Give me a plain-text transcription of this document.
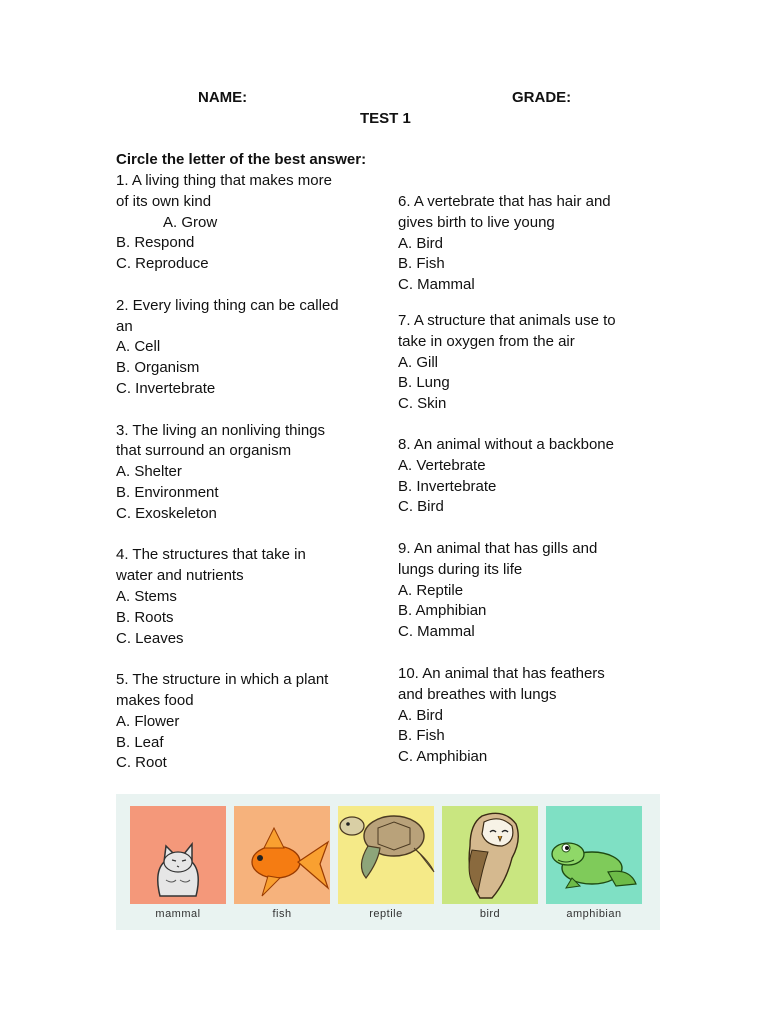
NAME:	GRADE:
TEST 1
Circle the letter of the best answer:
1. A living thing that makes more
of its own kind
A. Grow
B. Respond
C. Reproduce
2. Every living thing can be called
an
A. Cell
B. Organism
C. Invertebrate
3. The living an nonliving things
that surround an organism
A. Shelter
B. Environment
C. Exoskeleton
4. The structures that take in
water and nutrients
A. Stems
B. Roots
C. Leaves
5. The structure in which a plant
makes food
A. Flower
B. Leaf
C. Root
6. A vertebrate that has hair and
gives birth to live young
A. Bird
B. Fish
C. Mammal
7. A structure that animals use to
take in oxygen from the air
A. Gill
B. Lung
C. Skin
8. An animal without a backbone
A. Vertebrate
B. Invertebrate
C. Bird
9. An animal that has gills and
lungs during its life
A. Reptile
B. Amphibian
C. Mammal
10. An animal that has feathers
and breathes with lungs
A. Bird
B. Fish
C. Amphibian
mammal	fish	reptile	bird	amphibian
